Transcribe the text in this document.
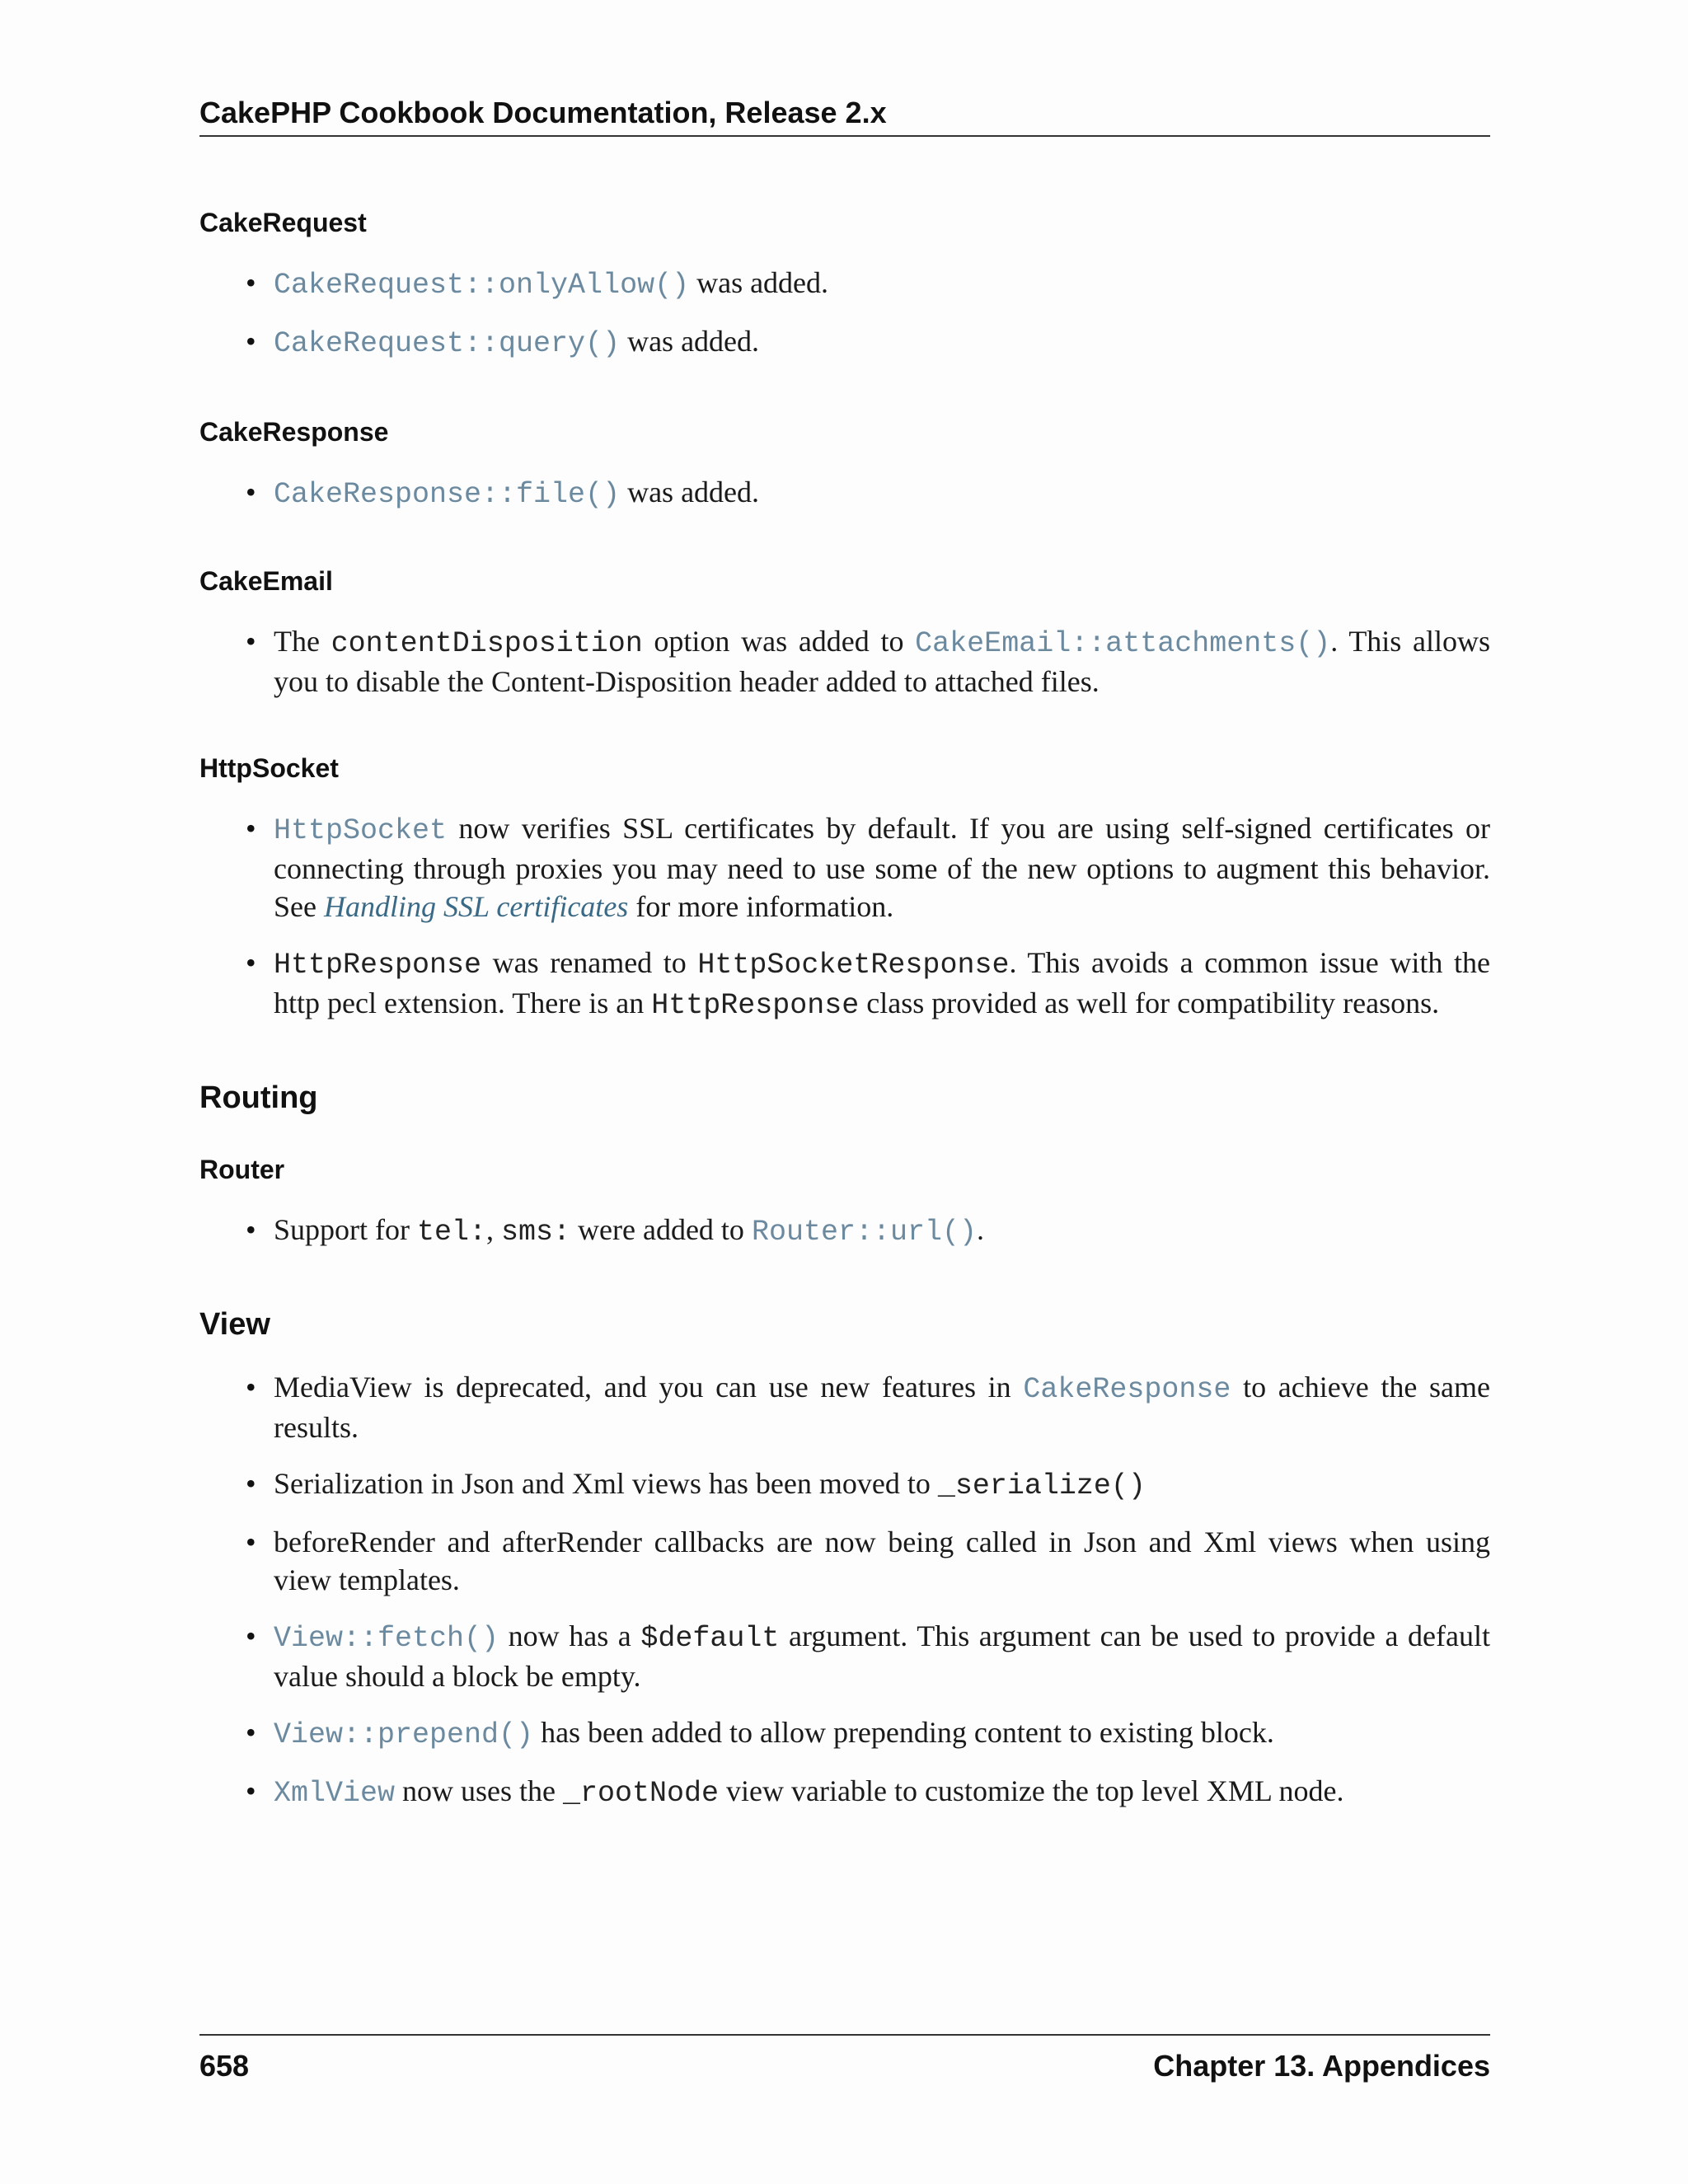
CakePHP Cookbook Documentation, Release 2.x
CakeRequest
• CakeRequest::onlyAllow() was added.
• CakeRequest::query() was added.
CakeResponse
• CakeResponse::file() was added.
CakeEmail
• The contentDisposition option was added to CakeEmail::attachments(). This allows you to disable the Content-Disposition header added to attached files.
HttpSocket
• HttpSocket now verifies SSL certificates by default. If you are using self-signed certificates or connecting through proxies you may need to use some of the new options to augment this behavior. See Handling SSL certificates for more information.
• HttpResponse was renamed to HttpSocketResponse. This avoids a common issue with the http pecl extension. There is an HttpResponse class provided as well for compatibility reasons.
Routing
Router
• Support for tel:, sms: were added to Router::url().
View
• MediaView is deprecated, and you can use new features in CakeResponse to achieve the same results.
• Serialization in Json and Xml views has been moved to _serialize()
• beforeRender and afterRender callbacks are now being called in Json and Xml views when using view templates.
• View::fetch() now has a $default argument. This argument can be used to provide a default value should a block be empty.
• View::prepend() has been added to allow prepending content to existing block.
• XmlView now uses the _rootNode view variable to customize the top level XML node.
658	Chapter 13. Appendices
